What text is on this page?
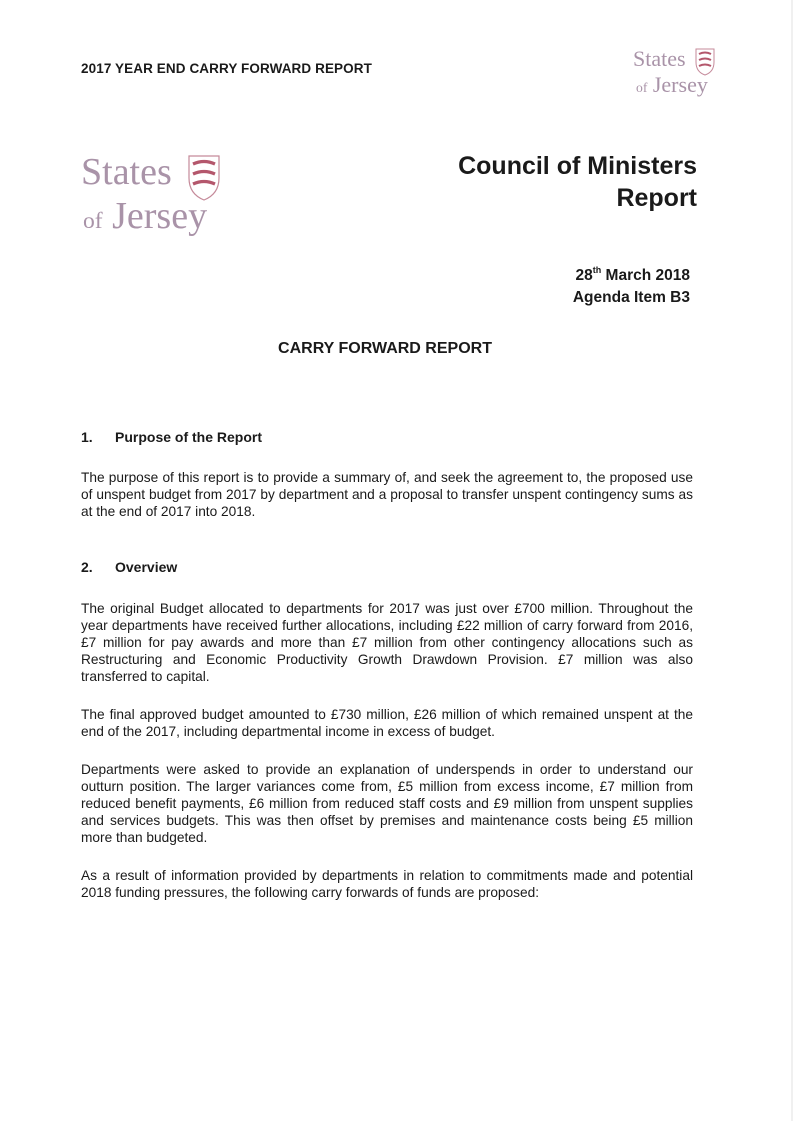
2017 YEAR END CARRY FORWARD REPORT	States
of Jersey
States
of Jersey
Council of Ministers
Report
28th March 2018
Agenda Item B3
CARRY FORWARD REPORT

1.	Purpose of the Report

The purpose of this report is to provide a summary of, and seek the agreement to, the proposed use of unspent budget from 2017 by department and a proposal to transfer unspent contingency sums as at the end of 2017 into 2018.

2.	Overview

The original Budget allocated to departments for 2017 was just over £700 million. Throughout the year departments have received further allocations, including £22 million of carry forward from 2016, £7 million for pay awards and more than £7 million from other contingency allocations such as Restructuring and Economic Productivity Growth Drawdown Provision. £7 million was also transferred to capital.

The final approved budget amounted to £730 million, £26 million of which remained unspent at the end of the 2017, including departmental income in excess of budget.

Departments were asked to provide an explanation of underspends in order to understand our outturn position. The larger variances come from, £5 million from excess income, £7 million from reduced benefit payments, £6 million from reduced staff costs and £9 million from unspent supplies and services budgets. This was then offset by premises and maintenance costs being £5 million more than budgeted.

As a result of information provided by departments in relation to commitments made and potential 2018 funding pressures, the following carry forwards of funds are proposed:
